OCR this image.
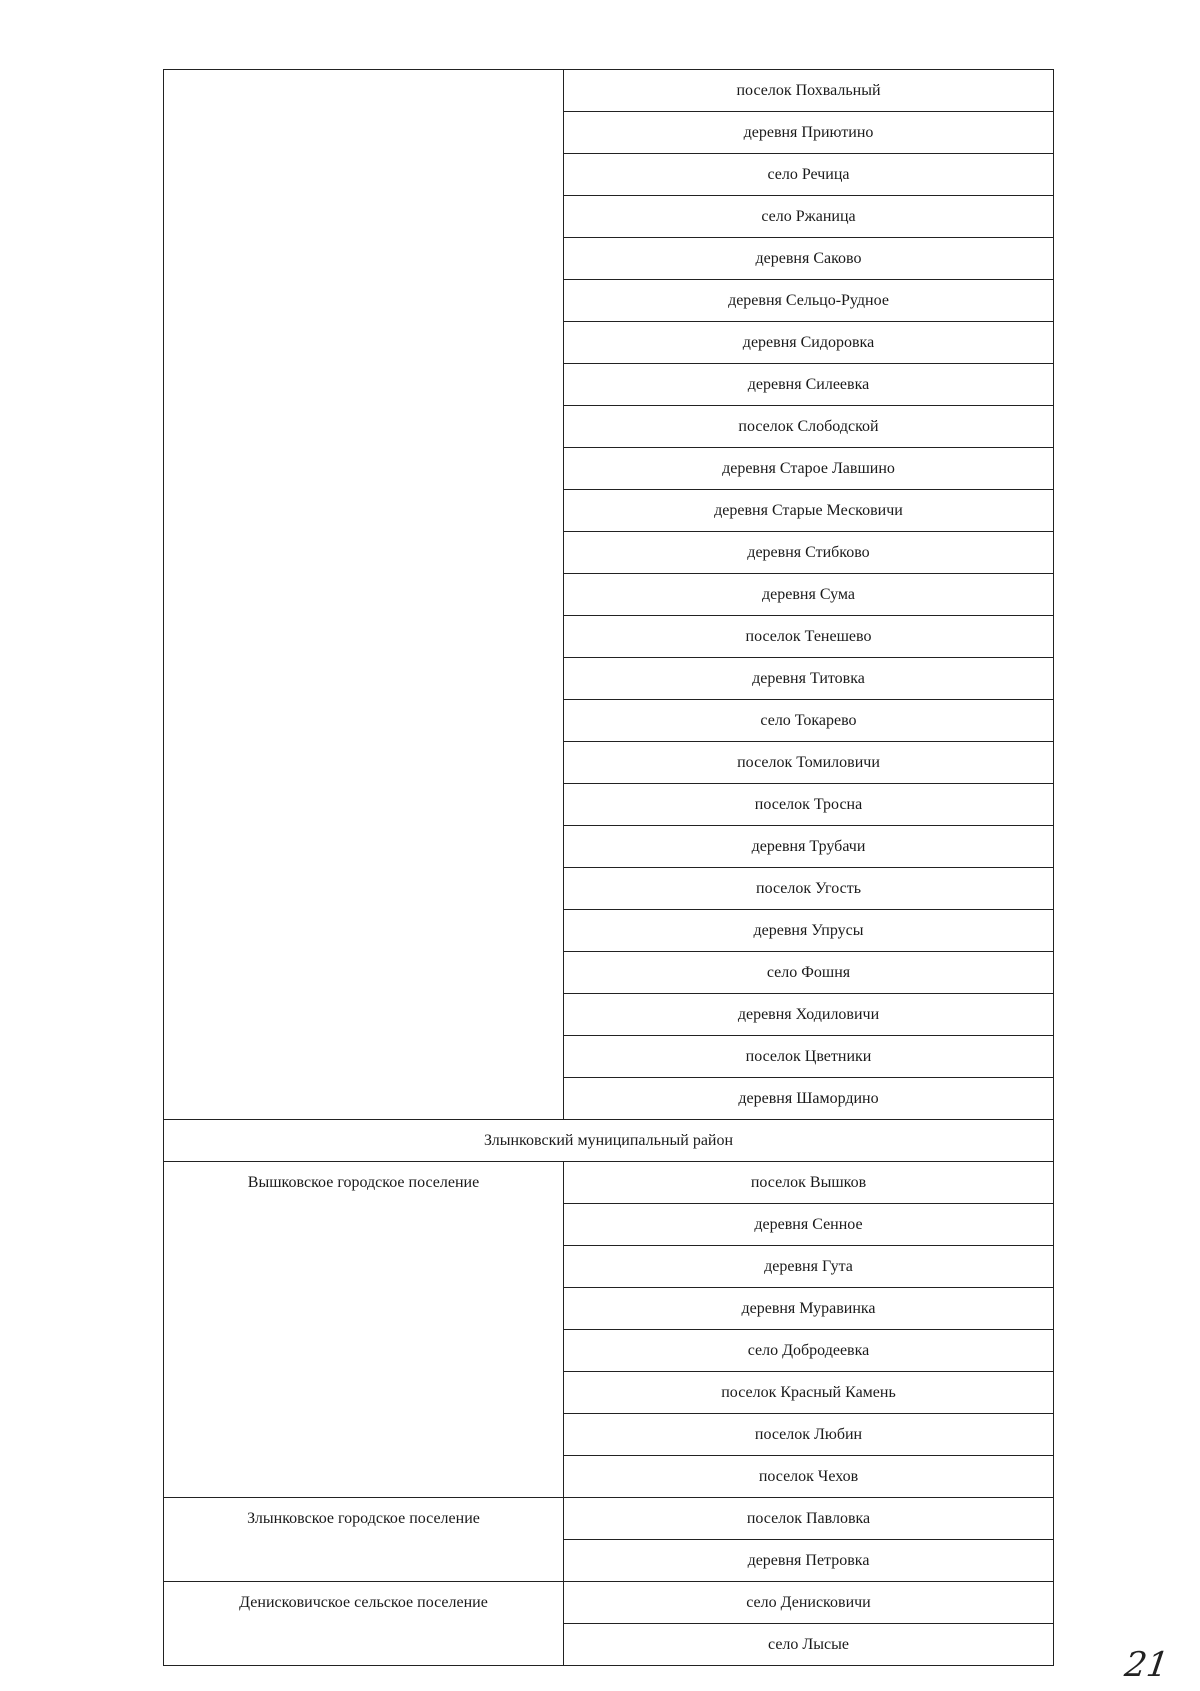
	поселок Похвальный
	деревня Приютино
	село Речица
	село Ржаница
	деревня Саково
	деревня Сельцо-Рудное
	деревня Сидоровка
	деревня Силеевка
	поселок Слободской
	деревня Старое Лавшино
	деревня Старые Месковичи
	деревня Стибково
	деревня Сума
	поселок Тенешево
	деревня Титовка
	село Токарево
	поселок Томиловичи
	поселок Тросна
	деревня Трубачи
	поселок Угость
	деревня Упрусы
	село Фошня
	деревня Ходиловичи
	поселок Цветники
	деревня Шамордино
Злынковский муниципальный район	
Вышковское городское поселение	поселок Вышков
	деревня Сенное
	деревня Гута
	деревня Муравинка
	село Добродеевка
	поселок Красный Камень
	поселок Любин
	поселок Чехов
Злынковское городское поселение	поселок Павловка
	деревня Петровка
Денисковичское сельское поселение	село Денисковичи
	село Лысые
21
